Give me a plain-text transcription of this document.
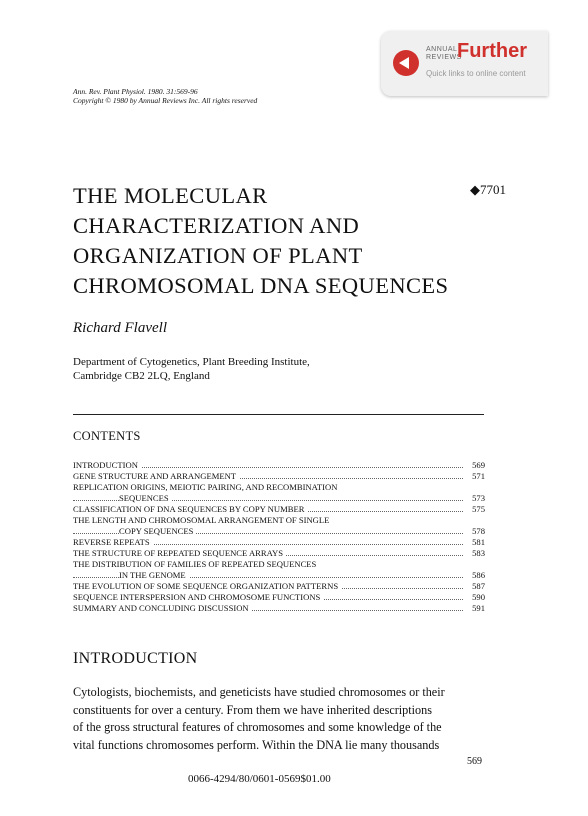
ANNUAL
REVIEWS
Further
Quick links to online content
Ann. Rev. Plant Physiol. 1980. 31:569-96
Copyright © 1980 by Annual Reviews Inc. All rights reserved
THE MOLECULAR
CHARACTERIZATION AND
ORGANIZATION OF PLANT
CHROMOSOMAL DNA SEQUENCES
◆7701
Richard Flavell
Department of Cytogenetics, Plant Breeding Institute,
Cambridge CB2 2LQ, England
CONTENTS
INTRODUCTION	569
GENE STRUCTURE AND ARRANGEMENT	571
REPLICATION ORIGINS, MEIOTIC PAIRING, AND RECOMBINATION
SEQUENCES	573
CLASSIFICATION OF DNA SEQUENCES BY COPY NUMBER	575
THE LENGTH AND CHROMOSOMAL ARRANGEMENT OF SINGLE
COPY SEQUENCES	578
REVERSE REPEATS	581
THE STRUCTURE OF REPEATED SEQUENCE ARRAYS	583
THE DISTRIBUTION OF FAMILIES OF REPEATED SEQUENCES
IN THE GENOME	586
THE EVOLUTION OF SOME SEQUENCE ORGANIZATION PATTERNS	587
SEQUENCE INTERSPERSION AND CHROMOSOME FUNCTIONS	590
SUMMARY AND CONCLUDING DISCUSSION	591
INTRODUCTION
Cytologists, biochemists, and geneticists have studied chromosomes or their
constituents for over a century. From them we have inherited descriptions
of the gross structural features of chromosomes and some knowledge of the
vital functions chromosomes perform. Within the DNA lie many thousands
569
0066-4294/80/0601-0569$01.00
